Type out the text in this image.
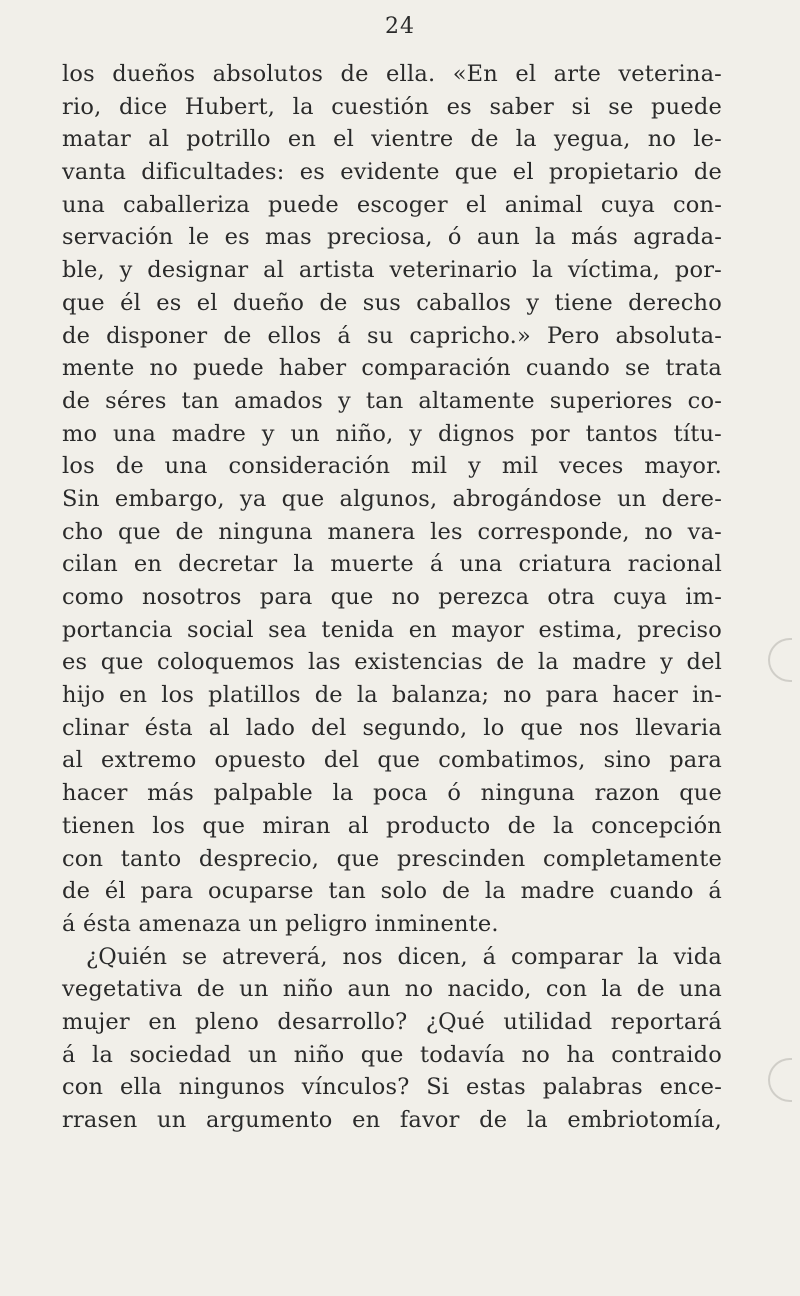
24
los dueños absolutos de ella. «En el arte veterina-
rio, dice Hubert, la cuestión es saber si se puede
matar al potrillo en el vientre de la yegua, no le-
vanta dificultades: es evidente que el propietario de
una caballeriza puede escoger el animal cuya con-
servación le es mas preciosa, ó aun la más agrada-
ble, y designar al artista veterinario la víctima, por-
que él es el dueño de sus caballos y tiene derecho
de disponer de ellos á su capricho.» Pero absoluta-
mente no puede haber comparación cuando se trata
de séres tan amados y tan altamente superiores co-
mo una madre y un niño, y dignos por tantos títu-
los de una consideración mil y mil veces mayor.
Sin embargo, ya que algunos, abrogándose un dere-
cho que de ninguna manera les corresponde, no va-
cilan en decretar la muerte á una criatura racional
como nosotros para que no perezca otra cuya im-
portancia social sea tenida en mayor estima, preciso
es que coloquemos las existencias de la madre y del
hijo en los platillos de la balanza; no para hacer in-
clinar ésta al lado del segundo, lo que nos llevaria
al extremo opuesto del que combatimos, sino para
hacer más palpable la poca ó ninguna razon que
tienen los que miran al producto de la concepción
con tanto desprecio, que prescinden completamente
de él para ocuparse tan solo de la madre cuando á
á ésta amenaza un peligro inminente.
¿Quién se atreverá, nos dicen, á comparar la vida
vegetativa de un niño aun no nacido, con la de una
mujer en pleno desarrollo? ¿Qué utilidad reportará
á la sociedad un niño que todavía no ha contraido
con ella ningunos vínculos? Si estas palabras ence-
rrasen un argumento en favor de la embriotomía,
